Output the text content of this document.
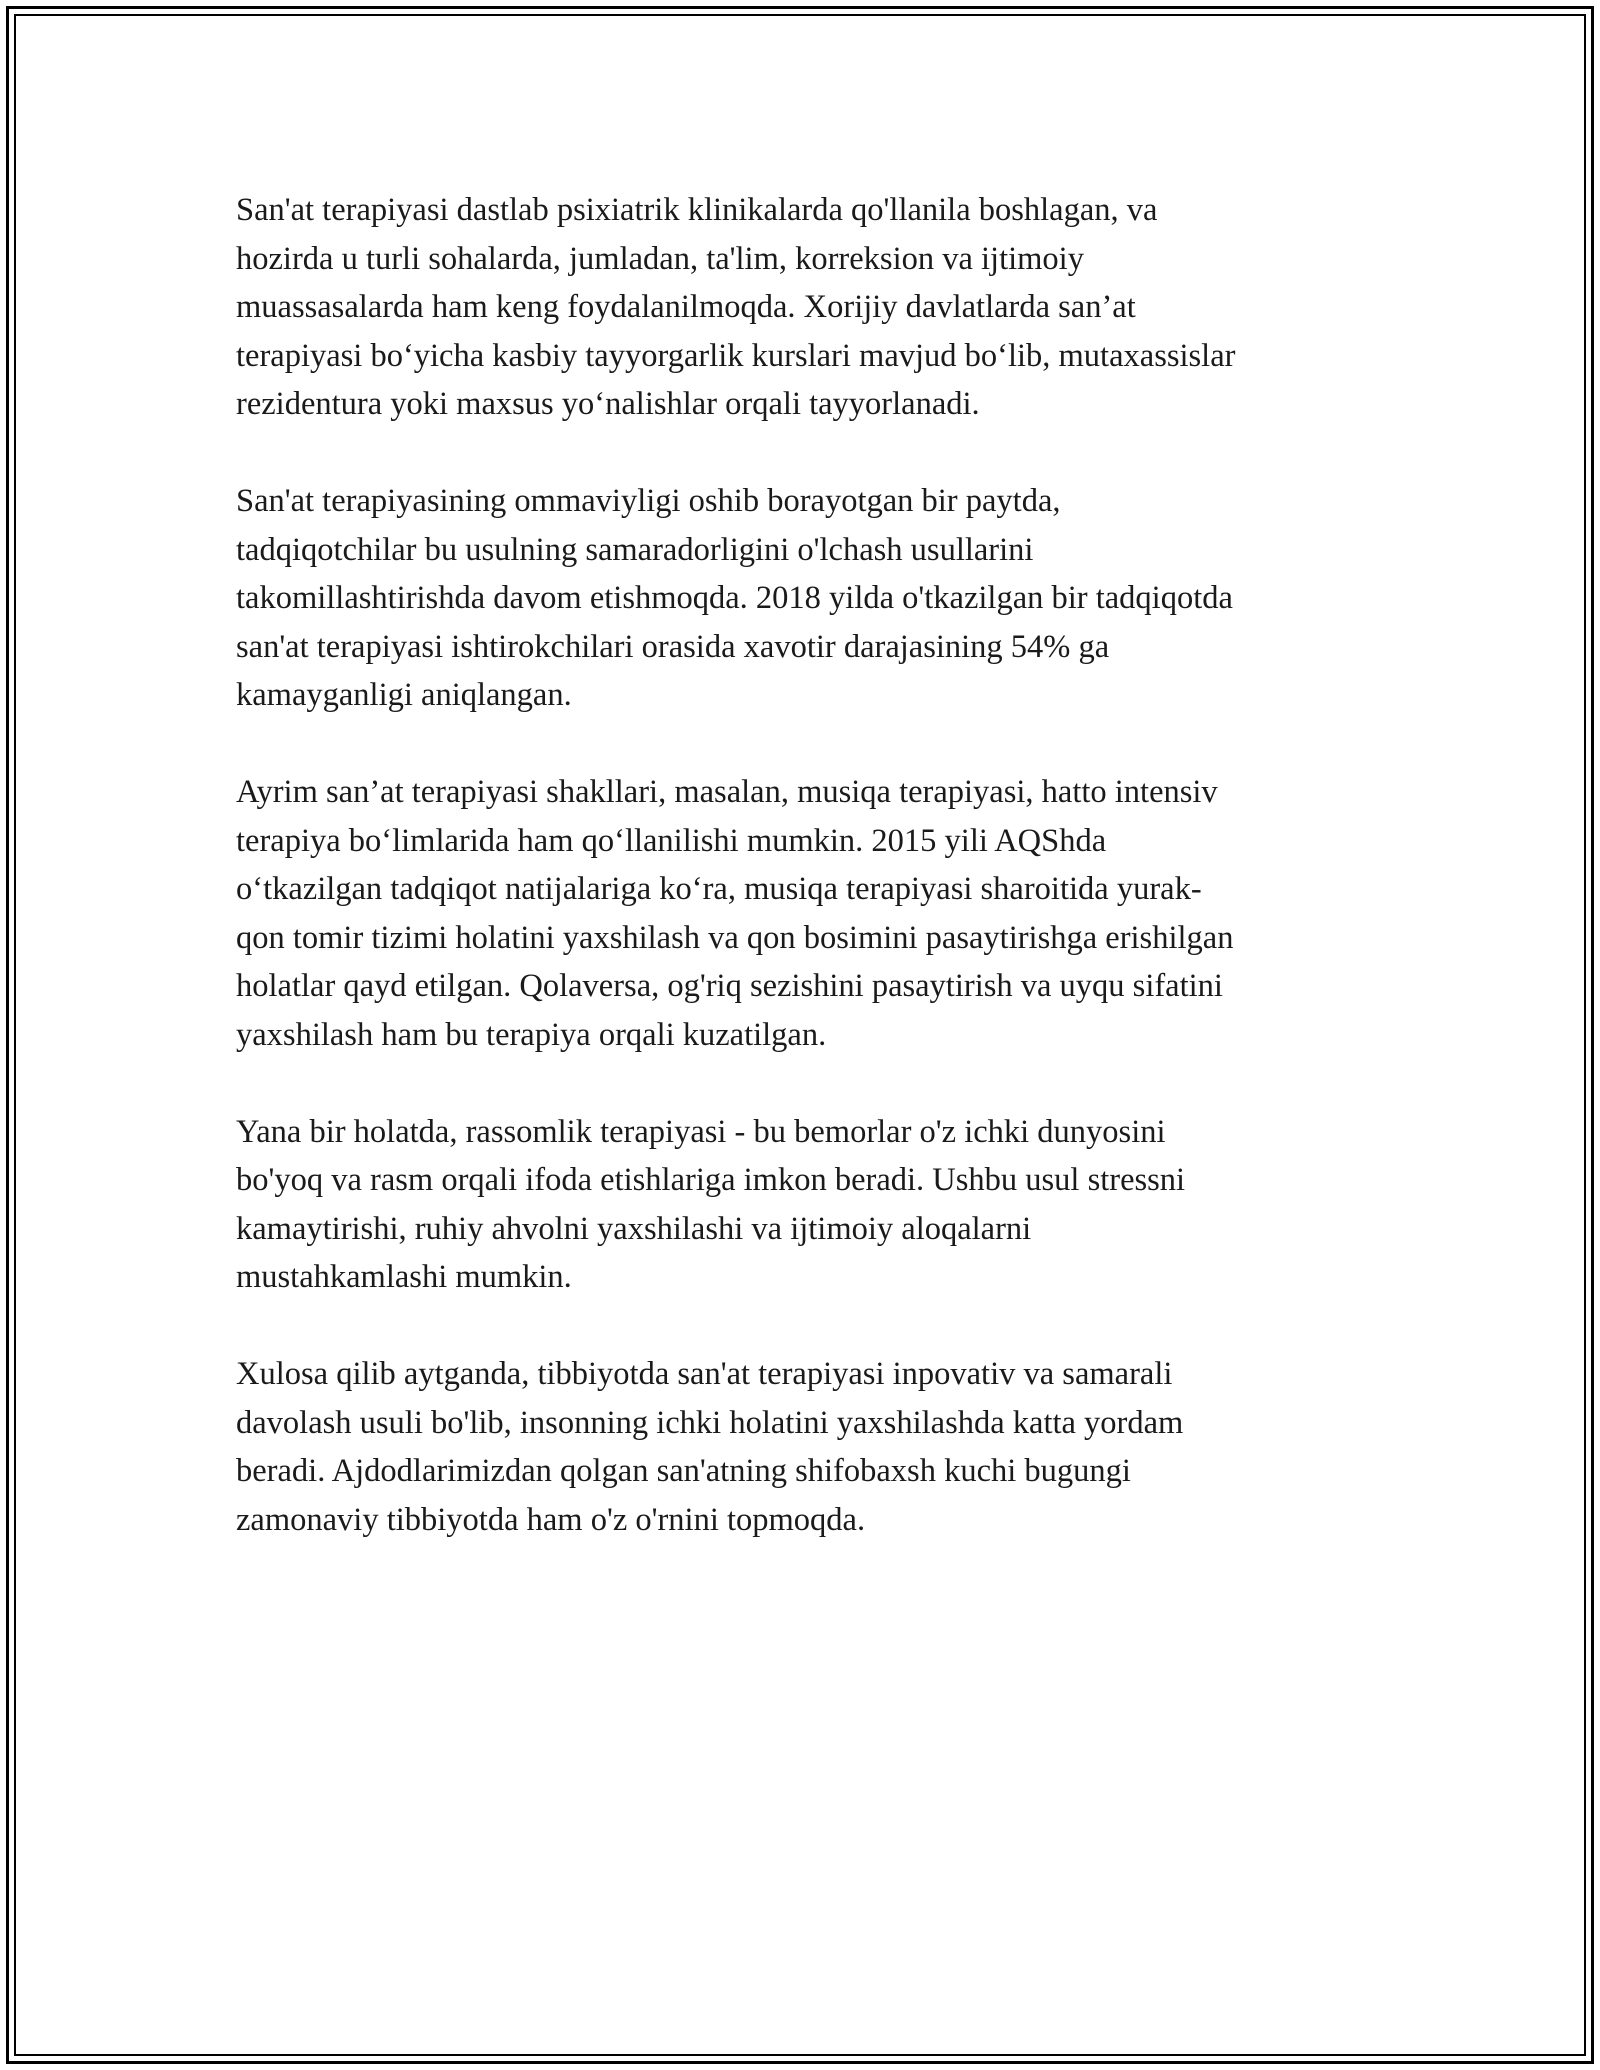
San'at terapiyasi dastlab psixiatrik klinikalarda qo'llanila boshlagan, va
hozirda u turli sohalarda, jumladan, ta'lim, korreksion va ijtimoiy
muassasalarda ham keng foydalanilmoqda. Xorijiy davlatlarda san’at
terapiyasi bo‘yicha kasbiy tayyorgarlik kurslari mavjud bo‘lib, mutaxassislar
rezidentura yoki maxsus yo‘nalishlar orqali tayyorlanadi.
San'at terapiyasining ommaviyligi oshib borayotgan bir paytda,
tadqiqotchilar bu usulning samaradorligini o'lchash usullarini
takomillashtirishda davom etishmoqda. 2018 yilda o'tkazilgan bir tadqiqotda
san'at terapiyasi ishtirokchilari orasida xavotir darajasining 54% ga
kamayganligi aniqlangan.
Ayrim san’at terapiyasi shakllari, masalan, musiqa terapiyasi, hatto intensiv
terapiya bo‘limlarida ham qo‘llanilishi mumkin. 2015 yili AQShda
o‘tkazilgan tadqiqot natijalariga ko‘ra, musiqa terapiyasi sharoitida yurak-
qon tomir tizimi holatini yaxshilash va qon bosimini pasaytirishga erishilgan
holatlar qayd etilgan. Qolaversa, og'riq sezishini pasaytirish va uyqu sifatini
yaxshilash ham bu terapiya orqali kuzatilgan.
Yana bir holatda, rassomlik terapiyasi - bu bemorlar o'z ichki dunyosini
bo'yoq va rasm orqali ifoda etishlariga imkon beradi. Ushbu usul stressni
kamaytirishi, ruhiy ahvolni yaxshilashi va ijtimoiy aloqalarni
mustahkamlashi mumkin.
Xulosa qilib aytganda, tibbiyotda san'at terapiyasi inpovativ va samarali
davolash usuli bo'lib, insonning ichki holatini yaxshilashda katta yordam
beradi. Ajdodlarimizdan qolgan san'atning shifobaxsh kuchi bugungi
zamonaviy tibbiyotda ham o'z o'rnini topmoqda.
